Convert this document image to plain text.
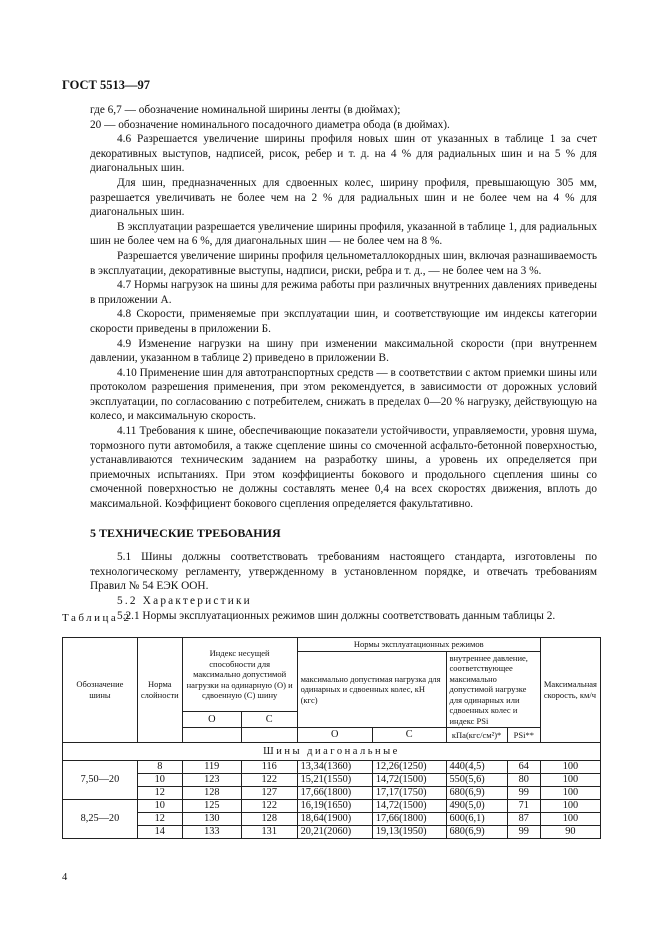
ГОСТ 5513—97

где 6,7 — обозначение номинальной ширины ленты (в дюймах);

20 — обозначение номинального посадочного диаметра обода (в дюймах).

4.6 Разрешается увеличение ширины профиля новых шин от указанных в таблице 1 за счет декоративных выступов, надписей, рисок, ребер и т. д. на 4 % для радиальных шин и на 5 % для диагональных шин.

Для шин, предназначенных для сдвоенных колес, ширину профиля, превышающую 305 мм, разрешается увеличивать не более чем на 2 % для радиальных шин и не более чем на 4 % для диагональных шин.

В эксплуатации разрешается увеличение ширины профиля, указанной в таблице 1, для радиальных шин не более чем на 6 %, для диагональных шин — не более чем на 8 %.

Разрешается увеличение ширины профиля цельнометаллокордных шин, включая разнашиваемость в эксплуатации, декоративные выступы, надписи, риски, ребра и т. д., — не более чем на 3 %.

4.7 Нормы нагрузок на шины для режима работы при различных внутренних давлениях приведены в приложении А.

4.8 Скорости, применяемые при эксплуатации шин, и соответствующие им индексы категории скорости приведены в приложении Б.

4.9 Изменение нагрузки на шину при изменении максимальной скорости (при внутреннем давлении, указанном в таблице 2) приведено в приложении В.

4.10 Применение шин для автотранспортных средств — в соответствии с актом приемки шины или протоколом разрешения применения, при этом рекомендуется, в зависимости от дорожных условий эксплуатации, по согласованию с потребителем, снижать в пределах 0—20 % нагрузку, действующую на колесо, и максимальную скорость.

4.11 Требования к шине, обеспечивающие показатели устойчивости, управляемости, уровня шума, тормозного пути автомобиля, а также сцепление шины со смоченной асфальто-бетонной поверхностью, устанавливаются техническим заданием на разработку шины, а уровень их определяется при приемочных испытаниях. При этом коэффициенты бокового и продольного сцепления шины со смоченной поверхностью не должны составлять менее 0,4 на всех скоростях движения, вплоть до максимальной. Коэффициент бокового сцепления определяется факультативно.

5 ТЕХНИЧЕСКИЕ ТРЕБОВАНИЯ

5.1 Шины должны соответствовать требованиям настоящего стандарта, изготовлены по технологическому регламенту, утвержденному в установленном порядке, и отвечать требованиям Правил № 54 ЕЭК ООН.

5.2 Характеристики

5.2.1 Нормы эксплуатационных режимов шин должны соответствовать данным таблицы 2.

Таблица 2
Обозначение шины	Норма слойности	Индекс несущей способности для максимально допустимой нагрузки на одинарную (О) и сдвоенную (С) шину		Нормы эксплуатационных режимов				Максимальная скорость, км/ч
				максимально допустимая нагрузка для одинарных и сдвоенных колес, кН (кгс)		внутреннее давление, соответствующее максимально допустимой нагрузке для одинарных или сдвоенных колес и индекс PSi		
		О	С					
				О	С	кПа(кгс/см²)*	PSi**	
Шины диагональные								
7,50—20	8	119	116	13,34(1360)	12,26(1250)	440(4,5)	64	100
	10	123	122	15,21(1550)	14,72(1500)	550(5,6)	80	100
	12	128	127	17,66(1800)	17,17(1750)	680(6,9)	99	100
8,25—20	10	125	122	16,19(1650)	14,72(1500)	490(5,0)	71	100
	12	130	128	18,64(1900)	17,66(1800)	600(6,1)	87	100
	14	133	131	20,21(2060)	19,13(1950)	680(6,9)	99	90
4
